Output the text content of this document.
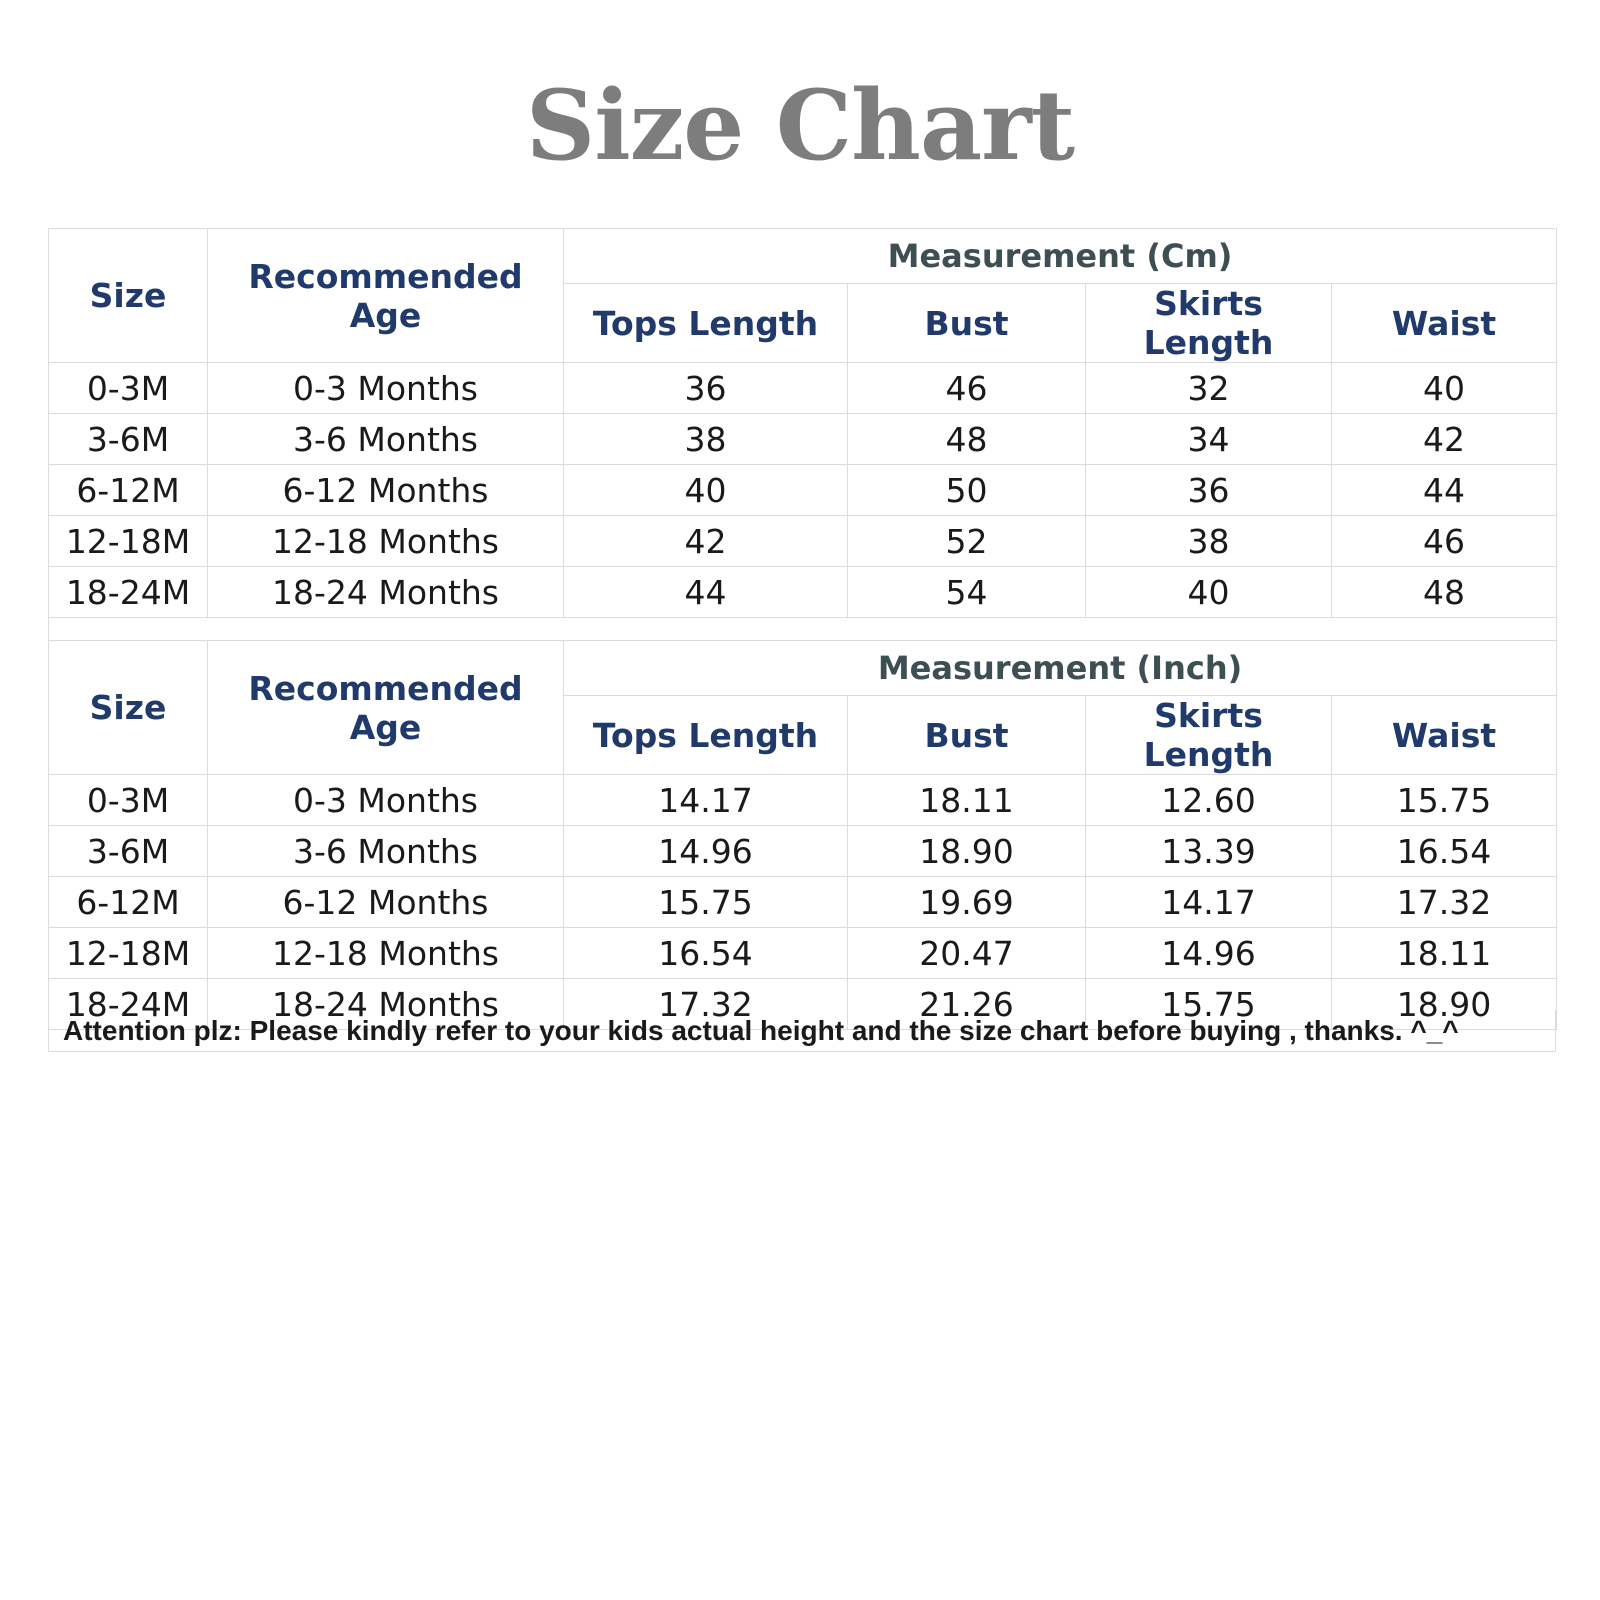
Size Chart
Size	Recommended Age	Measurement (Cm)			
		Tops Length	Bust	Skirts Length	Waist
0-3M	0-3 Months	36	46	32	40
3-6M	3-6 Months	38	48	34	42
6-12M	6-12 Months	40	50	36	44
12-18M	12-18 Months	42	52	38	46
18-24M	18-24 Months	44	54	40	48
Size	Recommended Age	Measurement (Inch)			
		Tops Length	Bust	Skirts Length	Waist
0-3M	0-3 Months	14.17	18.11	12.60	15.75
3-6M	3-6 Months	14.96	18.90	13.39	16.54
6-12M	6-12 Months	15.75	19.69	14.17	17.32
12-18M	12-18 Months	16.54	20.47	14.96	18.11
18-24M	18-24 Months	17.32	21.26	15.75	18.90
Attention plz: Please kindly refer to your kids actual height and the size chart before buying , thanks. ^_^
